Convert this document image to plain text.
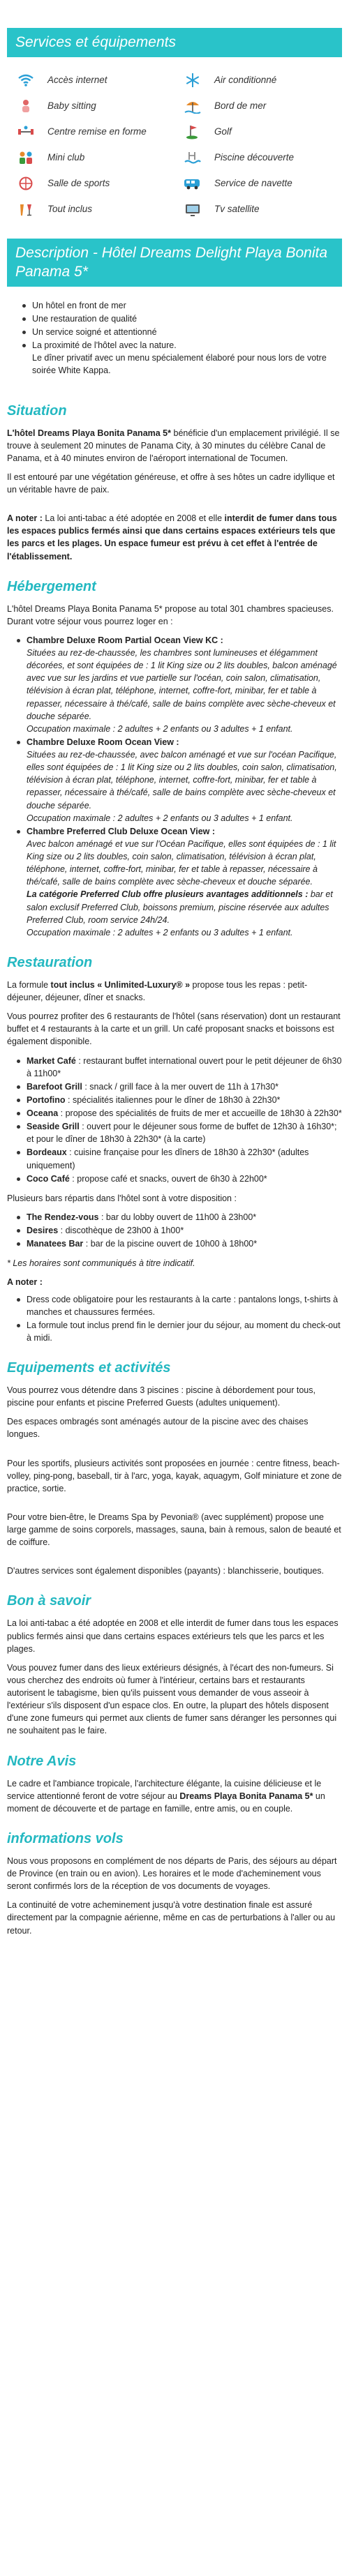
Services et équipements
Accès internet	Air conditionné
Baby sitting	Bord de mer
Centre remise en forme	Golf
Mini club	Piscine découverte
Salle de sports	Service de navette
Tout inclus	Tv satellite
Description - Hôtel Dreams Delight Playa Bonita Panama 5*
Un hôtel en front de mer
Une restauration de qualité
Un service soigné et attentionné
La proximité de l'hôtel avec la nature.
Le dîner privatif avec un menu spécialement élaboré pour nous lors de votre soirée White Kappa.
Situation

L'hôtel Dreams Playa Bonita Panama 5* bénéficie d'un emplacement privilégié. Il se trouve à seulement 20 minutes de Panama City, à 30 minutes du célèbre Canal de Panama, et à 40 minutes environ de l'aéroport international de Tocumen.

Il est entouré par une végétation généreuse, et offre à ses hôtes un cadre idyllique et un véritable havre de paix.

A noter : La loi anti-tabac a été adoptée en 2008 et elle interdit de fumer dans tous les espaces publics fermés ainsi que dans certains espaces extérieurs tels que les parcs et les plages. Un espace fumeur est prévu à cet effet à l'entrée de l'établissement.

Hébergement

L'hôtel Dreams Playa Bonita Panama 5* propose au total 301 chambres spacieuses.
Durant votre séjour vous pourrez loger en :

Chambre Deluxe Room Partial Ocean View KC :
Situées au rez-de-chaussée, les chambres sont lumineuses et élégamment décorées, et sont équipées de : 1 lit King size ou 2 lits doubles, balcon aménagé avec vue sur les jardins et vue partielle sur l'océan, coin salon, climatisation, télévision à écran plat, téléphone, internet, coffre-fort, minibar, fer et table à repasser, nécessaire à thé/café, salle de bains complète avec sèche-cheveux et douche séparée.
Occupation maximale : 2 adultes + 2 enfants ou 3 adultes + 1 enfant.
Chambre Deluxe Room Ocean View :
Situées au rez-de-chaussée, avec balcon aménagé et vue sur l'océan Pacifique, elles sont équipées de : 1 lit King size ou 2 lits doubles, coin salon, climatisation, télévision à écran plat, téléphone, internet, coffre-fort, minibar, fer et table à repasser, nécessaire à thé/café, salle de bains complète avec sèche-cheveux et douche séparée.
Occupation maximale : 2 adultes + 2 enfants ou 3 adultes + 1 enfant.
Chambre Preferred Club Deluxe Ocean View :
Avec balcon aménagé et vue sur l'Océan Pacifique, elles sont équipées de : 1 lit King size ou 2 lits doubles, coin salon, climatisation, télévision à écran plat, téléphone, internet, coffre-fort, minibar, fer et table à repasser, nécessaire à thé/café, salle de bains complète avec sèche-cheveux et douche séparée.
La catégorie Preferred Club offre plusieurs avantages additionnels : bar et salon exclusif Preferred Club, boissons premium, piscine réservée aux adultes Preferred Club, room service 24h/24.
Occupation maximale : 2 adultes + 2 enfants ou 3 adultes + 1 enfant.
Restauration

La formule tout inclus « Unlimited-Luxury® » propose tous les repas : petit-déjeuner, déjeuner, dîner et snacks.

Vous pourrez profiter des 6 restaurants de l'hôtel (sans réservation) dont un restaurant buffet et 4 restaurants à la carte et un grill. Un café proposant snacks et boissons est également disponible.

Market Café : restaurant buffet international ouvert pour le petit déjeuner de 6h30 à 11h00*
Barefoot Grill : snack / grill face à la mer ouvert de 11h à 17h30*
Portofino : spécialités italiennes pour le dîner de 18h30 à 22h30*
Oceana : propose des spécialités de fruits de mer et accueille de 18h30 à 22h30*
Seaside Grill : ouvert pour le déjeuner sous forme de buffet de 12h30 à 16h30*; et pour le dîner de 18h30 à 22h30* (à la carte)
Bordeaux : cuisine française pour les dîners de 18h30 à 22h30* (adultes uniquement)
Coco Café : propose café et snacks, ouvert de 6h30 à 22h00*

Plusieurs bars répartis dans l'hôtel sont à votre disposition :

The Rendez-vous : bar du lobby ouvert de 11h00 à 23h00*
Desires : discothèque de 23h00 à 1h00*
Manatees Bar : bar de la piscine ouvert de 10h00 à 18h00*

* Les horaires sont communiqués à titre indicatif.

A noter :

Dress code obligatoire pour les restaurants à la carte : pantalons longs, t-shirts à manches et chaussures fermées.
La formule tout inclus prend fin le dernier jour du séjour, au moment du check-out à midi.
Equipements et activités

Vous pourrez vous détendre dans 3 piscines : piscine à débordement pour tous, piscine pour enfants et piscine Preferred Guests (adultes uniquement).

Des espaces ombragés sont aménagés autour de la piscine avec des chaises longues.

Pour les sportifs, plusieurs activités sont proposées en journée : centre fitness, beach-volley, ping-pong, baseball, tir à l'arc, yoga, kayak, aquagym, Golf miniature et zone de practice, sortie.

Pour votre bien-être, le Dreams Spa by Pevonia® (avec supplément) propose une large gamme de soins corporels, massages, sauna, bain à remous, salon de beauté et de coiffure.

D'autres services sont également disponibles (payants) : blanchisserie, boutiques.

Bon à savoir

La loi anti-tabac a été adoptée en 2008 et elle interdit de fumer dans tous les espaces publics fermés ainsi que dans certains espaces extérieurs tels que les parcs et les plages.

Vous pouvez fumer dans des lieux extérieurs désignés, à l'écart des non-fumeurs. Si vous cherchez des endroits où fumer à l'intérieur, certains bars et restaurants autorisent le tabagisme, bien qu'ils puissent vous demander de vous asseoir à l'extérieur s'ils disposent d'un espace clos. En outre, la plupart des hôtels disposent d'une zone fumeurs qui permet aux clients de fumer sans déranger les personnes qui ne souhaitent pas le faire.

Notre Avis

Le cadre et l'ambiance tropicale, l'architecture élégante, la cuisine délicieuse et le service attentionné feront de votre séjour au Dreams Playa Bonita Panama 5* un moment de découverte et de partage en famille, entre amis, ou en couple.

informations vols

Nous vous proposons en complément de nos départs de Paris, des séjours au départ de Province (en train ou en avion). Les horaires et le mode d'acheminement vous seront confirmés lors de la réception de vos documents de voyages.

La continuité de votre acheminement jusqu'à votre destination finale est assuré directement par la compagnie aérienne, même en cas de perturbations à l'aller ou au retour.
